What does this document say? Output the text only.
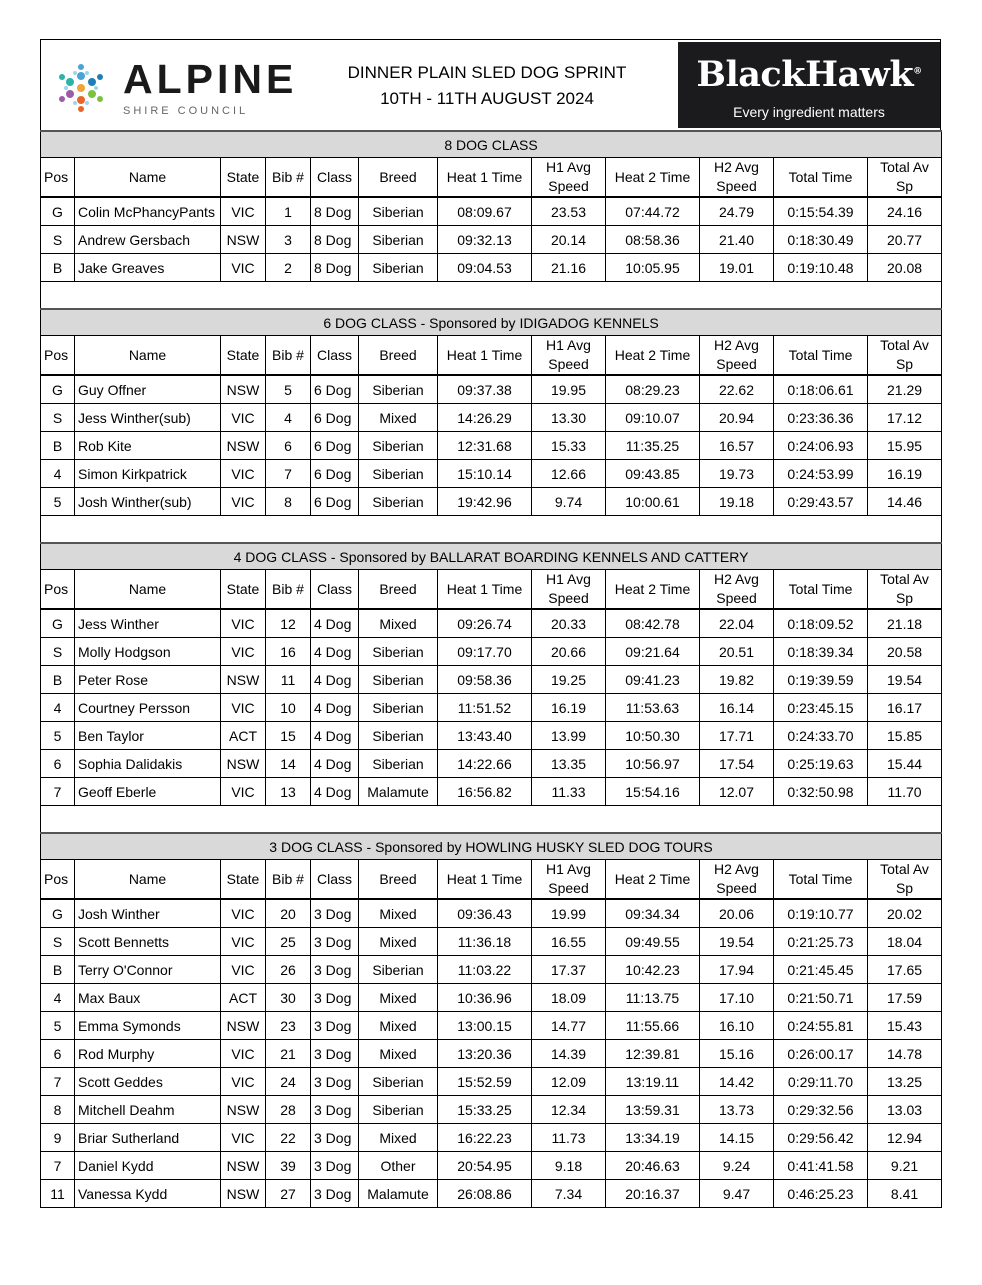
ALPINE
SHIRE COUNCIL
DINNER PLAIN SLED DOG SPRINT
10TH - 11TH AUGUST 2024
BlackHawk®
Every ingredient matters
8 DOG CLASS											
Pos	Name	State	Bib #	Class	Breed	Heat 1 Time	H1 Avg Speed	Heat 2 Time	H2 Avg Speed	Total Time	Total Av Sp
G	Colin McPhancyPants	VIC	1	8 Dog	Siberian	08:09.67	23.53	07:44.72	24.79	0:15:54.39	24.16
S	Andrew Gersbach	NSW	3	8 Dog	Siberian	09:32.13	20.14	08:58.36	21.40	0:18:30.49	20.77
B	Jake Greaves	VIC	2	8 Dog	Siberian	09:04.53	21.16	10:05.95	19.01	0:19:10.48	20.08

6 DOG CLASS - Sponsored by IDIGADOG KENNELS											
Pos	Name	State	Bib #	Class	Breed	Heat 1 Time	H1 Avg Speed	Heat 2 Time	H2 Avg Speed	Total Time	Total Av Sp
G	Guy Offner	NSW	5	6 Dog	Siberian	09:37.38	19.95	08:29.23	22.62	0:18:06.61	21.29
S	Jess Winther(sub)	VIC	4	6 Dog	Mixed	14:26.29	13.30	09:10.07	20.94	0:23:36.36	17.12
B	Rob Kite	NSW	6	6 Dog	Siberian	12:31.68	15.33	11:35.25	16.57	0:24:06.93	15.95
4	Simon Kirkpatrick	VIC	7	6 Dog	Siberian	15:10.14	12.66	09:43.85	19.73	0:24:53.99	16.19
5	Josh Winther(sub)	VIC	8	6 Dog	Siberian	19:42.96	9.74	10:00.61	19.18	0:29:43.57	14.46

4 DOG CLASS - Sponsored by BALLARAT BOARDING KENNELS AND CATTERY											
Pos	Name	State	Bib #	Class	Breed	Heat 1 Time	H1 Avg Speed	Heat 2 Time	H2 Avg Speed	Total Time	Total Av Sp
G	Jess Winther	VIC	12	4 Dog	Mixed	09:26.74	20.33	08:42.78	22.04	0:18:09.52	21.18
S	Molly Hodgson	VIC	16	4 Dog	Siberian	09:17.70	20.66	09:21.64	20.51	0:18:39.34	20.58
B	Peter Rose	NSW	11	4 Dog	Siberian	09:58.36	19.25	09:41.23	19.82	0:19:39.59	19.54
4	Courtney Persson	VIC	10	4 Dog	Siberian	11:51.52	16.19	11:53.63	16.14	0:23:45.15	16.17
5	Ben Taylor	ACT	15	4 Dog	Siberian	13:43.40	13.99	10:50.30	17.71	0:24:33.70	15.85
6	Sophia Dalidakis	NSW	14	4 Dog	Siberian	14:22.66	13.35	10:56.97	17.54	0:25:19.63	15.44
7	Geoff Eberle	VIC	13	4 Dog	Malamute	16:56.82	11.33	15:54.16	12.07	0:32:50.98	11.70

3 DOG CLASS - Sponsored by HOWLING HUSKY SLED DOG TOURS											
Pos	Name	State	Bib #	Class	Breed	Heat 1 Time	H1 Avg Speed	Heat 2 Time	H2 Avg Speed	Total Time	Total Av Sp
G	Josh Winther	VIC	20	3 Dog	Mixed	09:36.43	19.99	09:34.34	20.06	0:19:10.77	20.02
S	Scott Bennetts	VIC	25	3 Dog	Mixed	11:36.18	16.55	09:49.55	19.54	0:21:25.73	18.04
B	Terry O'Connor	VIC	26	3 Dog	Siberian	11:03.22	17.37	10:42.23	17.94	0:21:45.45	17.65
4	Max Baux	ACT	30	3 Dog	Mixed	10:36.96	18.09	11:13.75	17.10	0:21:50.71	17.59
5	Emma Symonds	NSW	23	3 Dog	Mixed	13:00.15	14.77	11:55.66	16.10	0:24:55.81	15.43
6	Rod Murphy	VIC	21	3 Dog	Mixed	13:20.36	14.39	12:39.81	15.16	0:26:00.17	14.78
7	Scott Geddes	VIC	24	3 Dog	Siberian	15:52.59	12.09	13:19.11	14.42	0:29:11.70	13.25
8	Mitchell Deahm	NSW	28	3 Dog	Siberian	15:33.25	12.34	13:59.31	13.73	0:29:32.56	13.03
9	Briar Sutherland	VIC	22	3 Dog	Mixed	16:22.23	11.73	13:34.19	14.15	0:29:56.42	12.94
7	Daniel Kydd	NSW	39	3 Dog	Other	20:54.95	9.18	20:46.63	9.24	0:41:41.58	9.21
11	Vanessa Kydd	NSW	27	3 Dog	Malamute	26:08.86	7.34	20:16.37	9.47	0:46:25.23	8.41
